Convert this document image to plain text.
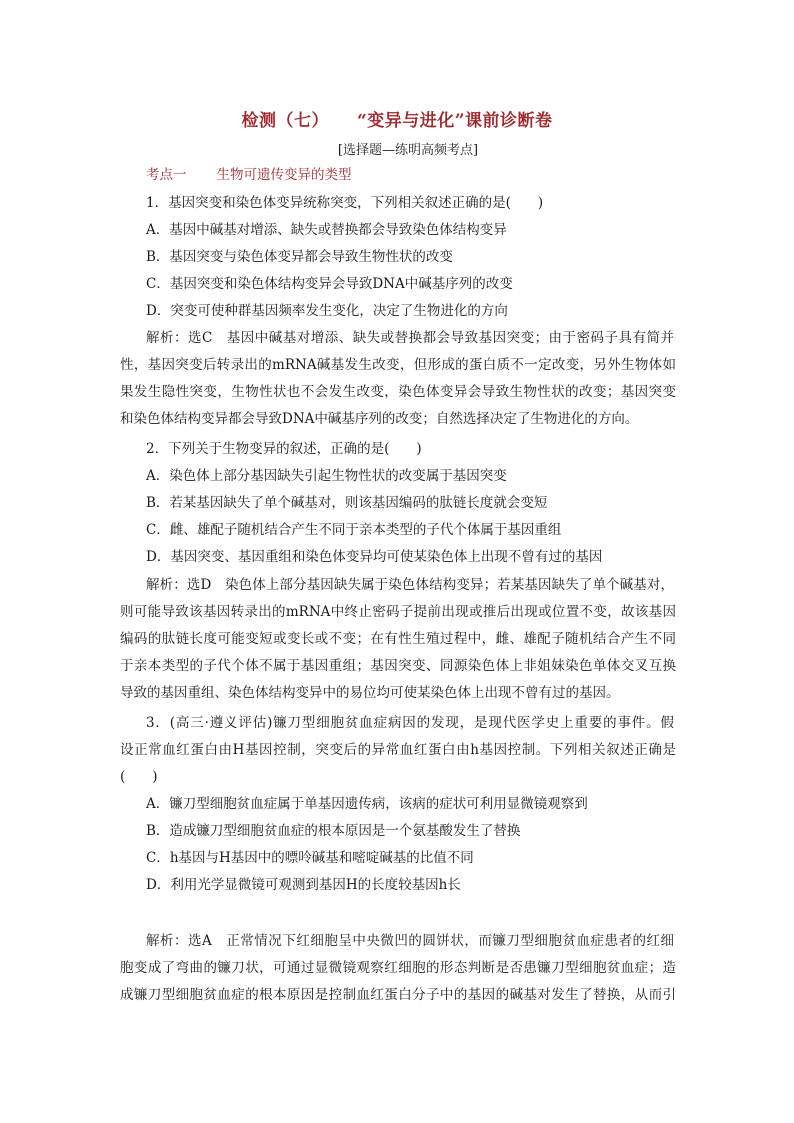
检测（七） “变异与进化”课前诊断卷
[选择题—练明高频考点]
考点一 生物可遗传变异的类型
1．基因突变和染色体变异统称突变，下列相关叙述正确的是(　　)
A．基因中碱基对增添、缺失或替换都会导致染色体结构变异
B．基因突变与染色体变异都会导致生物性状的改变
C．基因突变和染色体结构变异会导致DNA中碱基序列的改变
D．突变可使种群基因频率发生变化，决定了生物进化的方向
解析：选C　基因中碱基对增添、缺失或替换都会导致基因突变；由于密码子具有简并
性，基因突变后转录出的mRNA碱基发生改变，但形成的蛋白质不一定改变，另外生物体如
果发生隐性突变，生物性状也不会发生改变，染色体变异会导致生物性状的改变；基因突变
和染色体结构变异都会导致DNA中碱基序列的改变；自然选择决定了生物进化的方向。
2．下列关于生物变异的叙述，正确的是(　　)
A．染色体上部分基因缺失引起生物性状的改变属于基因突变
B．若某基因缺失了单个碱基对，则该基因编码的肽链长度就会变短
C．雌、雄配子随机结合产生不同于亲本类型的子代个体属于基因重组
D．基因突变、基因重组和染色体变异均可使某染色体上出现不曾有过的基因
解析：选D　染色体上部分基因缺失属于染色体结构变异；若某基因缺失了单个碱基对，
则可能导致该基因转录出的mRNA中终止密码子提前出现或推后出现或位置不变，故该基因
编码的肽链长度可能变短或变长或不变；在有性生殖过程中，雌、雄配子随机结合产生不同
于亲本类型的子代个体不属于基因重组；基因突变、同源染色体上非姐妹染色单体交叉互换
导致的基因重组、染色体结构变异中的易位均可使某染色体上出现不曾有过的基因。
3．(高三·遵义评估)镰刀型细胞贫血症病因的发现，是现代医学史上重要的事件。假
设正常血红蛋白由H基因控制，突变后的异常血红蛋白由h基因控制。下列相关叙述正确是
(　　)
A．镰刀型细胞贫血症属于单基因遗传病，该病的症状可利用显微镜观察到
B．造成镰刀型细胞贫血症的根本原因是一个氨基酸发生了替换
C．h基因与H基因中的嘌呤碱基和嘧啶碱基的比值不同
D．利用光学显微镜可观测到基因H的长度较基因h长
解析：选A　正常情况下红细胞呈中央微凹的圆饼状，而镰刀型细胞贫血症患者的红细
胞变成了弯曲的镰刀状，可通过显微镜观察红细胞的形态判断是否患镰刀型细胞贫血症；造
成镰刀型细胞贫血症的根本原因是控制血红蛋白分子中的基因的碱基对发生了替换，从而引
